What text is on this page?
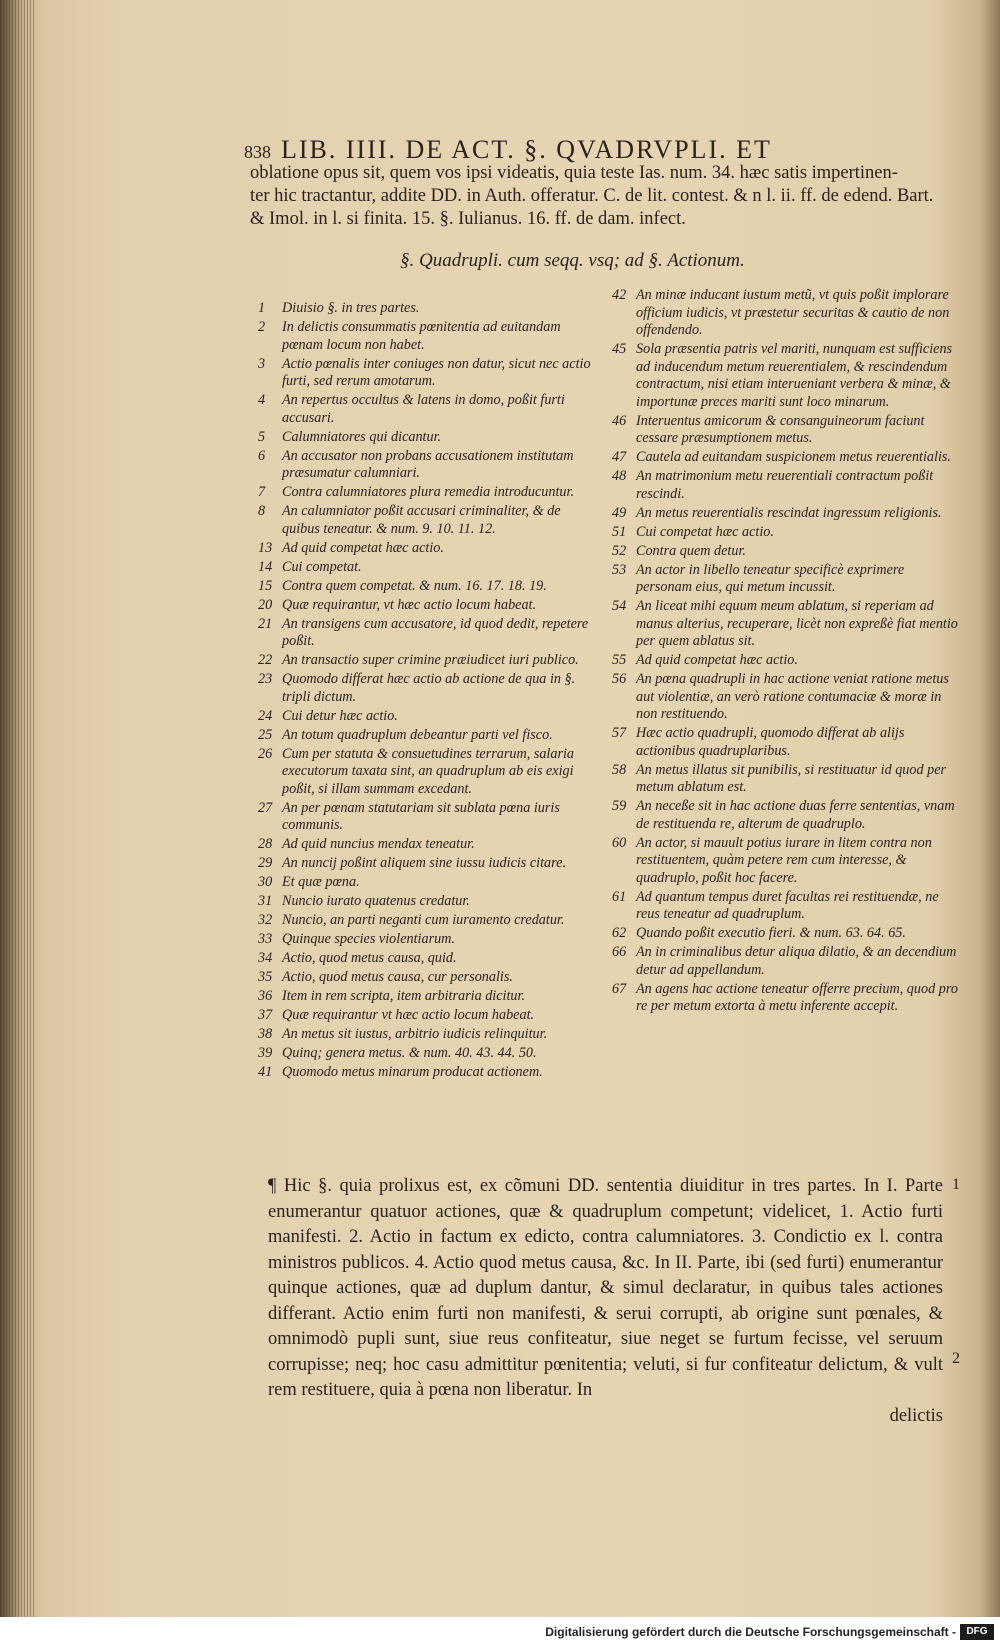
838 LIB. IIII. DE ACT. §. QVADRVPLI. ET

oblatione opus sit, quem vos ipsi videatis, quia teste Ias. num. 34. hæc satis impertinen-

ter hic tractantur, addite DD. in Auth. offeratur. C. de lit. contest. & n l. ii. ff. de edend. Bart.

& Imol. in l. si finita. 15. §. Iulianus. 16. ff. de dam. infect.

§. Quadrupli. cum seqq. vsq; ad §. Actionum.
1	Diuisio §. in tres partes.
2	In delictis consummatis pœnitentia ad euitandam pœnam locum non habet.
3	Actio pœnalis inter coniuges non datur, sicut nec actio furti, sed rerum amotarum.
4	An repertus occultus & latens in domo, poßit furti accusari.
5	Calumniatores qui dicantur.
6	An accusator non probans accusationem institutam præsumatur calumniari.
7	Contra calumniatores plura remedia introducuntur.
8	An calumniator poßit accusari criminaliter, & de quibus teneatur. & num. 9. 10. 11. 12.
13 Ad quid competat hæc actio.
14 Cui competat.
15 Contra quem competat. & num. 16. 17. 18. 19.
20 Quæ requirantur, vt hæc actio locum habeat.
21 An transigens cum accusatore, id quod dedit, repetere poßit.
22 An transactio super crimine præiudicet iuri publico.
23 Quomodo differat hæc actio ab actione de qua in §. tripli dictum.
24 Cui detur hæc actio.
25 An totum quadruplum debeantur parti vel fisco.
26 Cum per statuta & consuetudines terrarum, salaria executorum taxata sint, an quadruplum ab eis exigi poßit, si illam summam excedant.
27 An per pœnam statutariam sit sublata pœna iuris communis.
28 Ad quid nuncius mendax teneatur.
29 An nuncij poßint aliquem sine iussu iudicis citare.
30 Et quæ pœna.
31 Nuncio iurato quatenus credatur.
32 Nuncio, an parti neganti cum iuramento credatur.
33 Quinque species violentiarum.
34 Actio, quod metus causa, quid.
35 Actio, quod metus causa, cur personalis.
36 Item in rem scripta, item arbitraria dicitur.
37 Quæ requirantur vt hæc actio locum habeat.
38 An metus sit iustus, arbitrio iudicis relinquitur.
39 Quinq; genera metus. & num. 40. 43. 44. 50.
41 Quomodo metus minarum producat actionem.
42 An minæ inducant iustum metũ, vt quis poßit implorare officium iudicis, vt præstetur securitas & cautio de non offendendo.
45 Sola præsentia patris vel mariti, nunquam est sufficiens ad inducendum metum reuerentialem, & rescindendum contractum, nisi etiam interueniant verbera & minæ, & importunæ preces mariti sunt loco minarum.
46 Interuentus amicorum & consanguineorum faciunt cessare præsumptionem metus.
47 Cautela ad euitandam suspicionem metus reuerentialis.
48 An matrimonium metu reuerentiali contractum poßit rescindi.
49 An metus reuerentialis rescindat ingressum religionis.
51 Cui competat hæc actio.
52 Contra quem detur.
53 An actor in libello teneatur specificè exprimere personam eius, qui metum incussit.
54 An liceat mihi equum meum ablatum, si reperiam ad manus alterius, recuperare, licèt non expreßè fiat mentio per quem ablatus sit.
55 Ad quid competat hæc actio.
56 An pœna quadrupli in hac actione veniat ratione metus aut violentiæ, an verò ratione contumaciæ & moræ in non restituendo.
57 Hæc actio quadrupli, quomodo differat ab alijs actionibus quadruplaribus.
58 An metus illatus sit punibilis, si restituatur id quod per metum ablatum est.
59 An neceße sit in hac actione duas ferre sententias, vnam de restituenda re, alterum de quadruplo.
60 An actor, si mauult potius iurare in litem contra non restituentem, quàm petere rem cum interesse, & quadruplo, poßit hoc facere.
61 Ad quantum tempus duret facultas rei restituendæ, ne reus teneatur ad quadruplum.
62 Quando poßit executio fieri. & num. 63. 64. 65.
66 An in criminalibus detur aliqua dilatio, & an decendium detur ad appellandum.
67 An agens hac actione teneatur offerre precium, quod pro re per metum extorta à metu inferente accepit.

¶ Hic §. quia prolixus est, ex cõmuni DD. sententia diuiditur in tres partes. In I. Parte enumerantur quatuor actiones, quæ & quadruplum competunt; videlicet, 1. Actio furti manifesti. 2. Actio in factum ex edicto, contra calumniatores. 3. Condictio ex l. contra ministros publicos. 4. Actio quod metus causa, &c. In II. Parte, ibi (sed furti) enumerantur quinque actiones, quæ ad duplum dantur, & simul declaratur, in quibus tales actiones differant. Actio enim furti non manifesti, & serui corrupti, ab origine sunt pœnales, & omnimodò pupli sunt, siue reus confiteatur, siue neget se furtum fecisse, vel seruum corrupisse; neq; hoc casu admittitur pœnitentia; veluti, si fur confiteatur delictum, & vult rem restituere, quia à pœna non liberatur. In

delictis

1
2
Digitalisierung gefördert durch die Deutsche Forschungsgemeinschaft -	DFG
